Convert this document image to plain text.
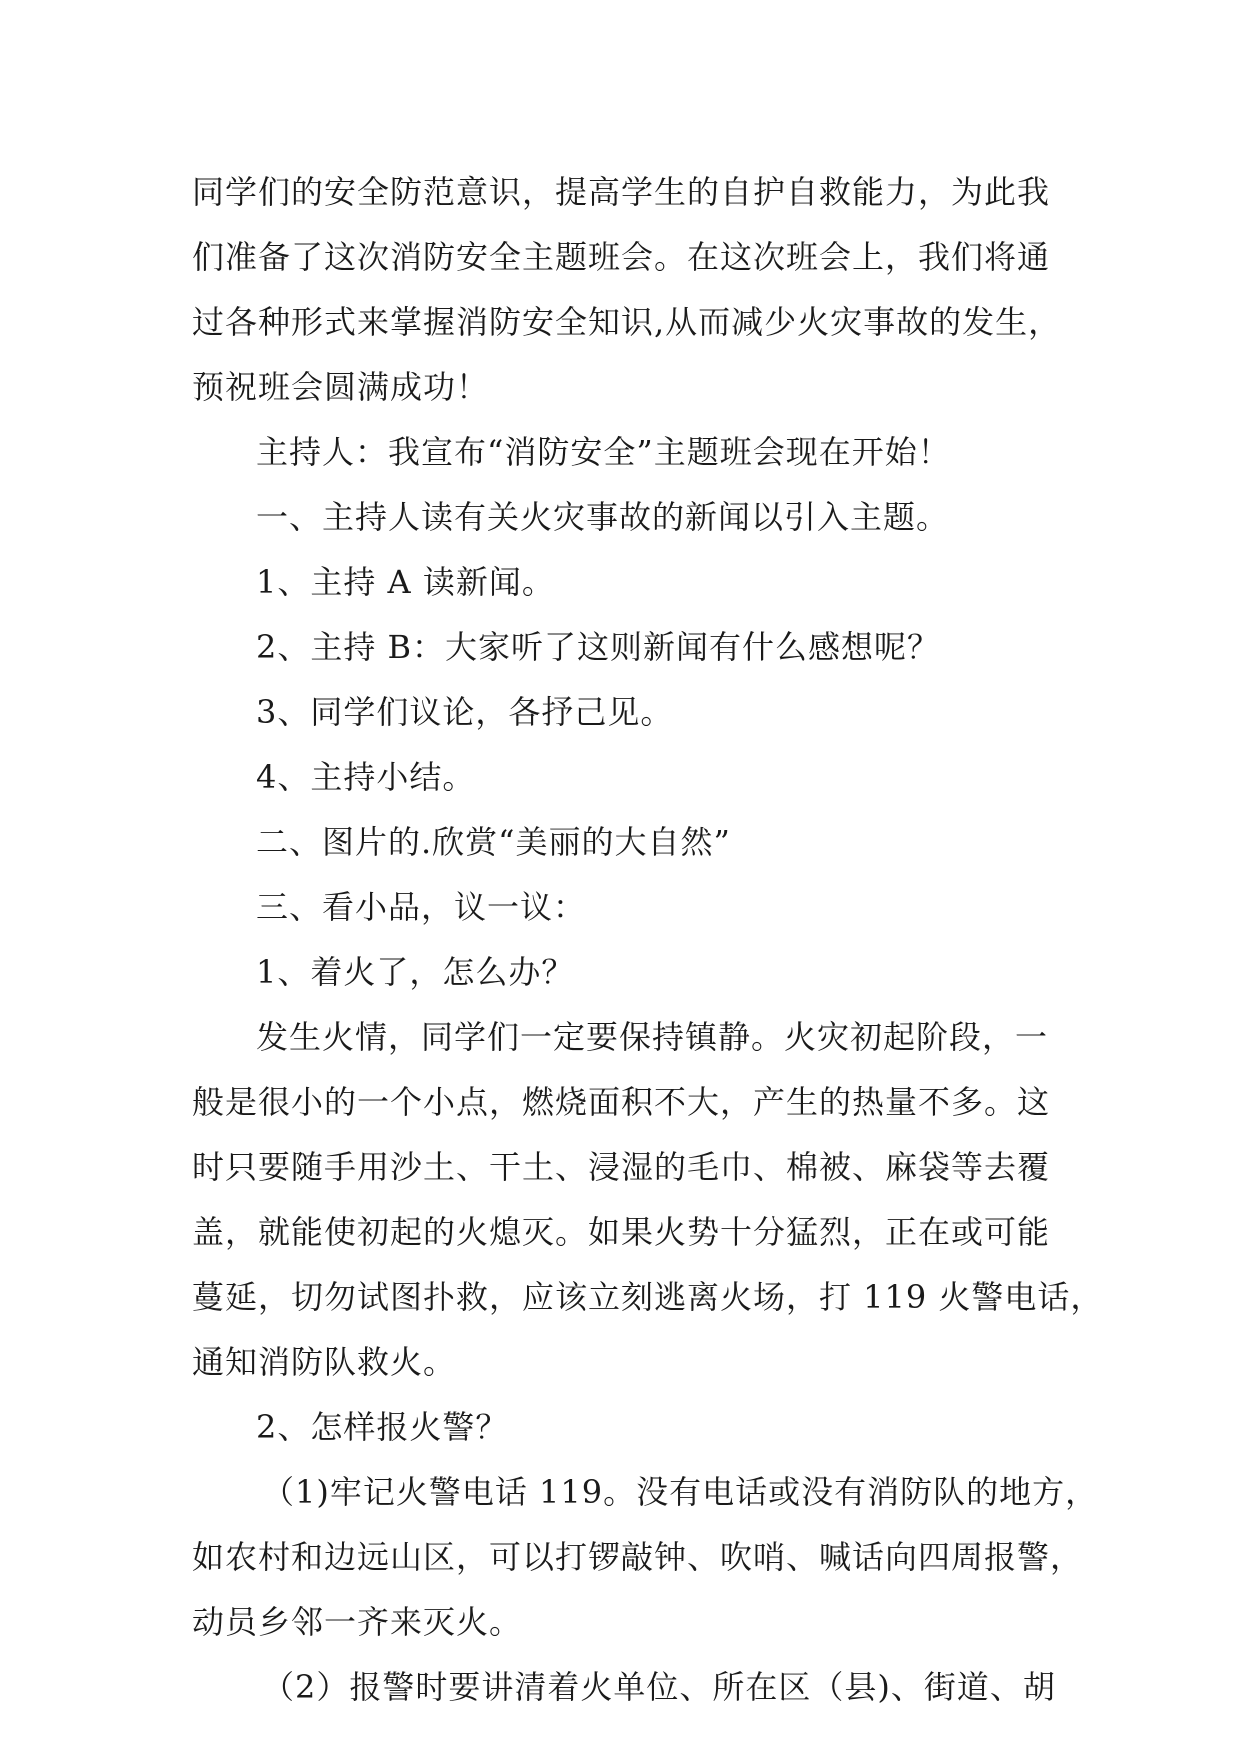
同学们的安全防范意识，提高学生的自护自救能力，为此我
们准备了这次消防安全主题班会。在这次班会上，我们将通
过各种形式来掌握消防安全知识,从而减少火灾事故的发生，
预祝班会圆满成功！
主持人：我宣布“消防安全”主题班会现在开始！
一、主持人读有关火灾事故的新闻以引入主题。
1、主持 A 读新闻。
2、主持 B：大家听了这则新闻有什么感想呢？
3、同学们议论，各抒己见。
4、主持小结。
二、图片的.欣赏“美丽的大自然”
三、看小品，议一议：
1、着火了，怎么办？
发生火情，同学们一定要保持镇静。火灾初起阶段，一
般是很小的一个小点，燃烧面积不大，产生的热量不多。这
时只要随手用沙土、干土、浸湿的毛巾、棉被、麻袋等去覆
盖，就能使初起的火熄灭。如果火势十分猛烈，正在或可能
蔓延，切勿试图扑救，应该立刻逃离火场，打 119 火警电话，
通知消防队救火。
2、怎样报火警？
（1)牢记火警电话 119。没有电话或没有消防队的地方，
如农村和边远山区，可以打锣敲钟、吹哨、喊话向四周报警，
动员乡邻一齐来灭火。
（2）报警时要讲清着火单位、所在区（县)、街道、胡
